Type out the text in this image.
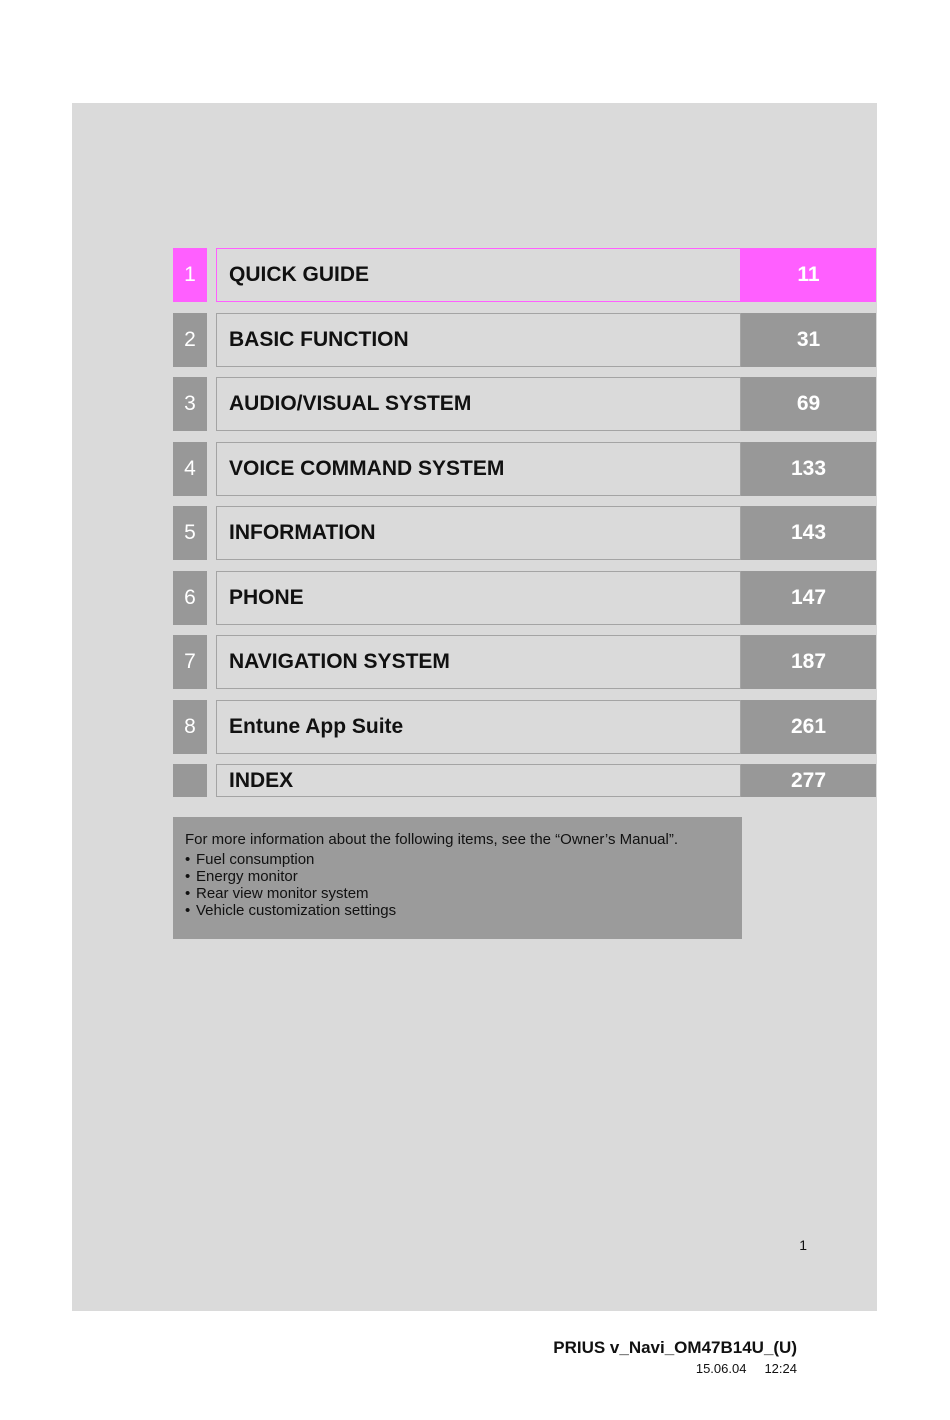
1	QUICK GUIDE	11
2	BASIC FUNCTION	31
3	AUDIO/VISUAL SYSTEM	69
4	VOICE COMMAND SYSTEM	133
5	INFORMATION	143
6	PHONE	147
7	NAVIGATION SYSTEM	187
8	Entune App Suite	261
INDEX	277
For more information about the following items, see the “Owner’s Manual”.
• Fuel consumption
• Energy monitor
• Rear view monitor system
• Vehicle customization settings
1
PRIUS v_Navi_OM47B14U_(U)
15.06.04 12:24
